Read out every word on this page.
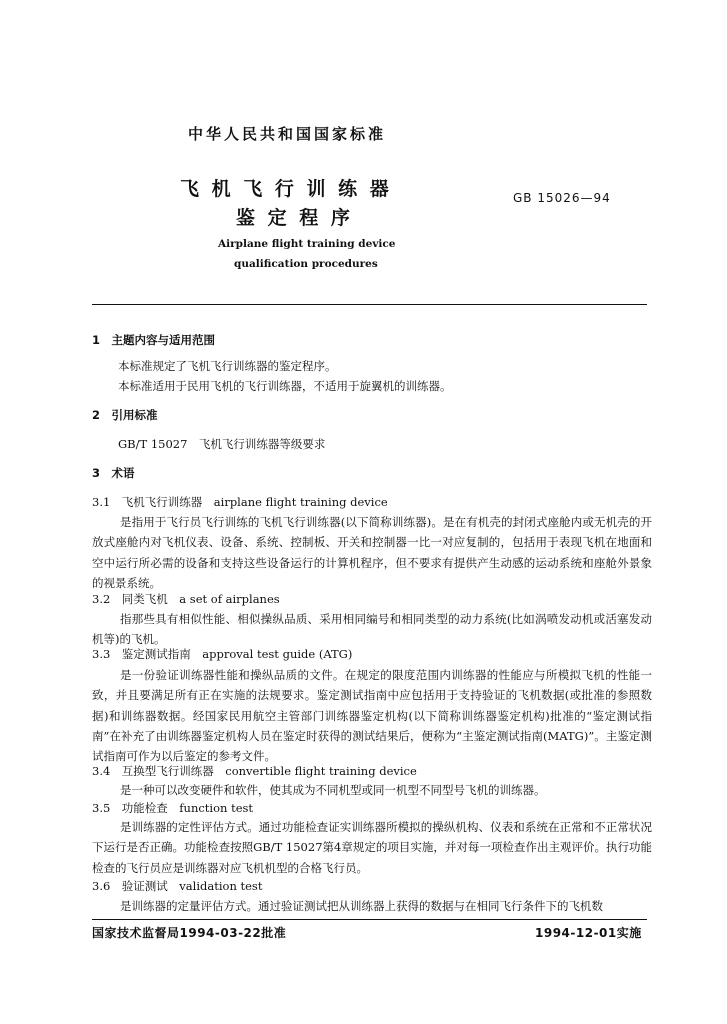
中华人民共和国国家标准
飞 机 飞 行 训 练 器
鉴 定 程 序
Airplane flight training device
qualification procedures
GB 15026—94
1　主题内容与适用范围
本标准规定了飞机飞行训练器的鉴定程序。
本标准适用于民用飞机的飞行训练器，不适用于旋翼机的训练器。
2　引用标准
GB/T 15027　飞机飞行训练器等级要求
3　术语
3.1　飞机飞行训练器　airplane flight training device
是指用于飞行员飞行训练的飞机飞行训练器(以下简称训练器)。是在有机壳的封闭式座舱内或无机壳的开放式座舱内对飞机仪表、设备、系统、控制板、开关和控制器一比一对应复制的，包括用于表现飞机在地面和空中运行所必需的设备和支持这些设备运行的计算机程序，但不要求有提供产生动感的运动系统和座舱外景象的视景系统。
3.2　同类飞机　a set of airplanes
指那些具有相似性能、相似操纵品质、采用相同编号和相同类型的动力系统(比如涡喷发动机或活塞发动机等)的飞机。
3.3　鉴定测试指南　approval test guide (ATG)
是一份验证训练器性能和操纵品质的文件。在规定的限度范围内训练器的性能应与所模拟飞机的性能一致，并且要满足所有正在实施的法规要求。鉴定测试指南中应包括用于支持验证的飞机数据(或批准的参照数据)和训练器数据。经国家民用航空主管部门训练器鉴定机构(以下简称训练器鉴定机构)批准的“鉴定测试指南”在补充了由训练器鉴定机构人员在鉴定时获得的测试结果后，便称为“主鉴定测试指南(MATG)”。主鉴定测试指南可作为以后鉴定的参考文件。
3.4　互换型飞行训练器　convertible flight training device
是一种可以改变硬件和软件，使其成为不同机型或同一机型不同型号飞机的训练器。
3.5　功能检查　function test
是训练器的定性评估方式。通过功能检查证实训练器所模拟的操纵机构、仪表和系统在正常和不正常状况下运行是否正确。功能检查按照GB/T 15027第4章规定的项目实施，并对每一项检查作出主观评价。执行功能检查的飞行员应是训练器对应飞机机型的合格飞行员。
3.6　验证测试　validation test
是训练器的定量评估方式。通过验证测试把从训练器上获得的数据与在相同飞行条件下的飞机数
国家技术监督局1994-03-22批准	1994-12-01实施
